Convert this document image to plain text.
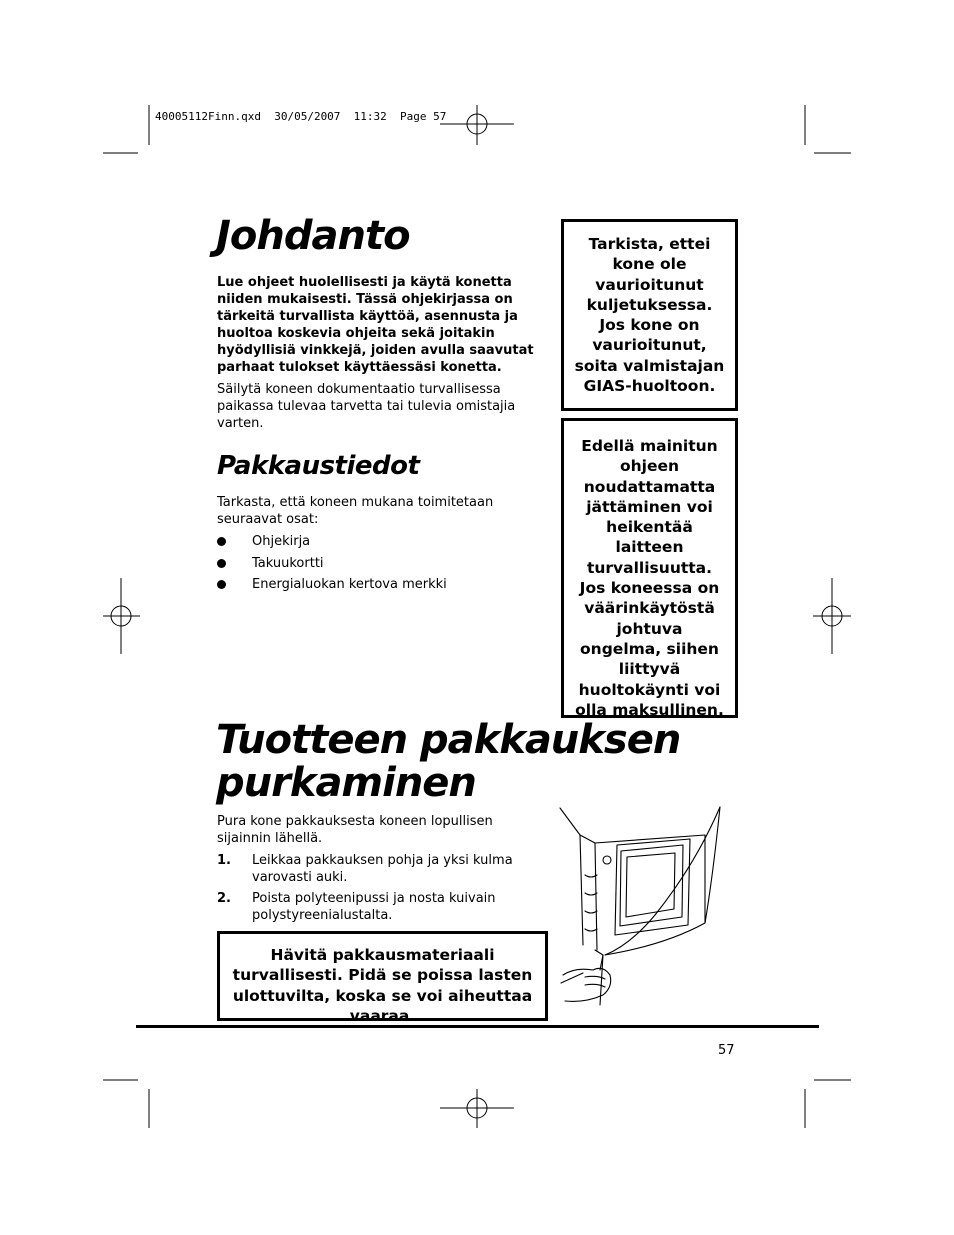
40005112Finn.qxd  30/05/2007  11:32  Page 57
Johdanto

Lue ohjeet huolellisesti ja käytä konetta niiden mukaisesti. Tässä ohjekirjassa on tärkeitä turvallista käyttöä, asennusta ja huoltoa koskevia ohjeita sekä joitakin hyödyllisiä vinkkejä, joiden avulla saavutat parhaat tulokset käyttäessäsi konetta.

Säilytä koneen dokumentaatio turvallisessa paikassa tulevaa tarvetta tai tulevia omistajia varten.

Pakkaustiedot

Tarkasta, että koneen mukana toimitetaan seuraavat osat:

Ohjekirja
Takuukortti
Energialuokan kertova merkki
Tarkista, ettei kone ole vaurioitunut kuljetuksessa. Jos kone on vaurioitunut, soita valmistajan GIAS-huoltoon.
Edellä mainitun ohjeen noudattamatta jättäminen voi heikentää laitteen turvallisuutta. Jos koneessa on väärinkäytöstä johtuva ongelma, siihen liittyvä huoltokäynti voi olla maksullinen.
Tuotteen pakkauksen
purkaminen

Pura kone pakkauksesta koneen lopullisen sijainnin lähellä.

1. Leikkaa pakkauksen pohja ja yksi kulma varovasti auki.
2. Poista polyteenipussi ja nosta kuivain polystyreenialustalta.
Hävitä pakkausmateriaali turvallisesti. Pidä se poissa lasten ulottuvilta, koska se voi aiheuttaa vaaraa.
57
